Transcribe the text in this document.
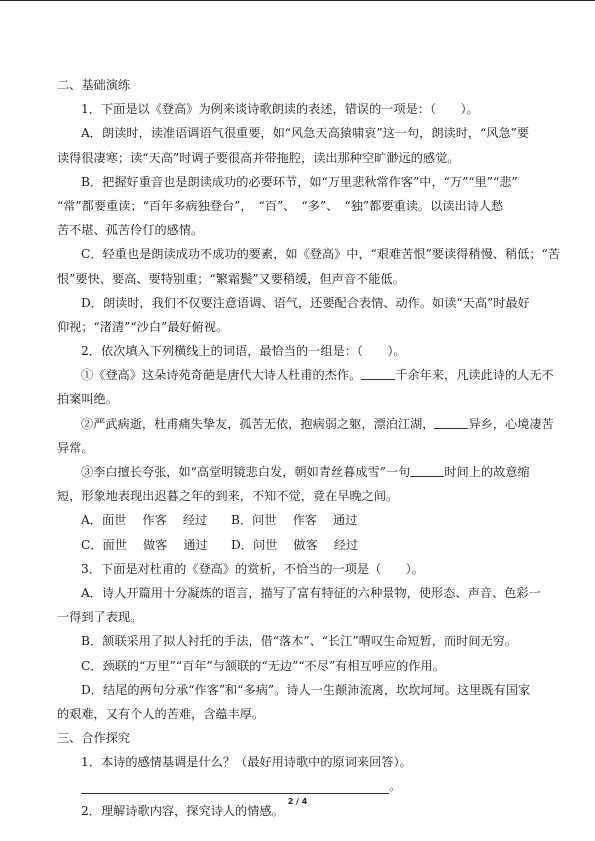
二、基础演练
1．下面是以《登高》为例来谈诗歌朗读的表述，错误的一项是：（　　）。
A．朗读时，读准语调语气很重要，如“风急天高猿啸哀”这一句，朗读时，“风急”要
读得很凄寒；读“天高”时调子要很高并带拖腔，读出那种空旷渺远的感觉。
B．把握好重音也是朗读成功的必要环节，如“万里悲秋常作客”中，“万”“里”“悲”
“常”都要重读；“百年多病独登台”，　“百”、　“多”、　“独”都要重读。以读出诗人愁
苦不堪、孤苦伶仃的感情。
C．轻重也是朗读成功不成功的要素，如《登高》中，“艰难苦恨”要读得稍慢、稍低；“苦
恨”要快、要高、要特别重；“繁霜鬓”又要稍缓，但声音不能低。
D．朗读时，我们不仅要注意语调、语气，还要配合表情、动作。如读“天高”时最好
仰视；“渚清”“沙白”最好俯视。
2．依次填入下列横线上的词语，最恰当的一组是：（　　）。
①《登高》这朵诗苑奇葩是唐代大诗人杜甫的杰作。	千余年来，凡读此诗的人无不
拍案叫绝。
②严武病逝，杜甫痛失挚友，孤苦无依，抱病弱之躯，漂泊江湖，	异乡，心境凄苦
异常。
③李白擅长夸张，如“高堂明镜悲白发，朝如青丝暮成雪”一句	时间上的故意缩
短，形象地表现出迟暮之年的到来，不知不觉，竟在早晚之间。
A．面世　 作客　 经过 B．问世　 作客　 通过
C．面世　 做客　 通过 D．问世　 做客　 经过
3．下面是对杜甫的《登高》的赏析，不恰当的一项是（　　）。
A．诗人开篇用十分凝炼的语言，描写了富有特征的六种景物，使形态、声音、色彩一
一得到了表现。
B．颔联采用了拟人衬托的手法，借“落木”、“长江”喟叹生命短暂，而时间无穷。
C．颈联的“万里”“百年”与颔联的“无边”“不尽”有相互呼应的作用。
D．结尾的两句分承“作客”和“多病”。诗人一生颠沛流离，坎坎坷坷。这里既有国家
的艰难，又有个人的苦难，含蕴丰厚。
三、合作探究
1．本诗的感情基调是什么？（最好用诗歌中的原词来回答）。
。
2．理解诗歌内容，探究诗人的情感。
2 / 4
